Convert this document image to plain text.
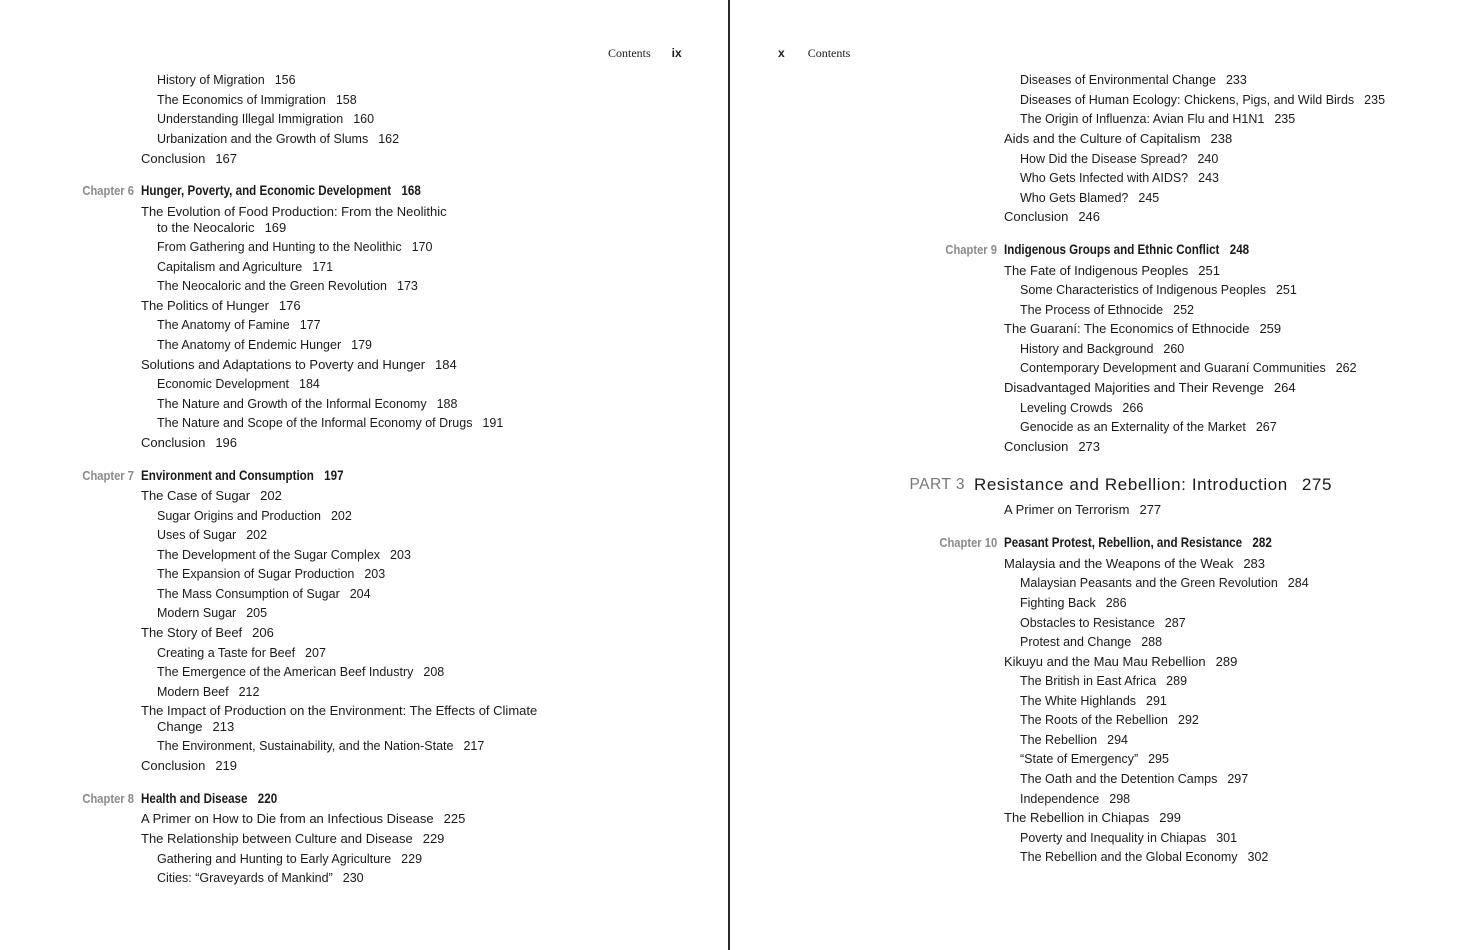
Contents ix	x Contents
History of Migration 156
The Economics of Immigration 158
Understanding Illegal Immigration 160
Urbanization and the Growth of Slums 162
Conclusion 167
Chapter 6 Hunger, Poverty, and Economic Development 168
The Evolution of Food Production: From the Neolithic
to the Neocaloric 169
From Gathering and Hunting to the Neolithic 170
Capitalism and Agriculture 171
The Neocaloric and the Green Revolution 173
The Politics of Hunger 176
The Anatomy of Famine 177
The Anatomy of Endemic Hunger 179
Solutions and Adaptations to Poverty and Hunger 184
Economic Development 184
The Nature and Growth of the Informal Economy 188
The Nature and Scope of the Informal Economy of Drugs 191
Conclusion 196
Chapter 7 Environment and Consumption 197
The Case of Sugar 202
Sugar Origins and Production 202
Uses of Sugar 202
The Development of the Sugar Complex 203
The Expansion of Sugar Production 203
The Mass Consumption of Sugar 204
Modern Sugar 205
The Story of Beef 206
Creating a Taste for Beef 207
The Emergence of the American Beef Industry 208
Modern Beef 212
The Impact of Production on the Environment: The Effects of Climate
Change 213
The Environment, Sustainability, and the Nation-State 217
Conclusion 219
Chapter 8 Health and Disease 220
A Primer on How to Die from an Infectious Disease 225
The Relationship between Culture and Disease 229
Gathering and Hunting to Early Agriculture 229
Cities: “Graveyards of Mankind” 230
Diseases of Environmental Change 233
Diseases of Human Ecology: Chickens, Pigs, and Wild Birds 235
The Origin of Influenza: Avian Flu and H1N1 235
Aids and the Culture of Capitalism 238
How Did the Disease Spread? 240
Who Gets Infected with AIDS? 243
Who Gets Blamed? 245
Conclusion 246
Chapter 9 Indigenous Groups and Ethnic Conflict 248
The Fate of Indigenous Peoples 251
Some Characteristics of Indigenous Peoples 251
The Process of Ethnocide 252
The Guaraní: The Economics of Ethnocide 259
History and Background 260
Contemporary Development and Guaraní Communities 262
Disadvantaged Majorities and Their Revenge 264
Leveling Crowds 266
Genocide as an Externality of the Market 267
Conclusion 273
PART 3 Resistance and Rebellion: Introduction 275
A Primer on Terrorism 277
Chapter 10 Peasant Protest, Rebellion, and Resistance 282
Malaysia and the Weapons of the Weak 283
Malaysian Peasants and the Green Revolution 284
Fighting Back 286
Obstacles to Resistance 287
Protest and Change 288
Kikuyu and the Mau Mau Rebellion 289
The British in East Africa 289
The White Highlands 291
The Roots of the Rebellion 292
The Rebellion 294
“State of Emergency” 295
The Oath and the Detention Camps 297
Independence 298
The Rebellion in Chiapas 299
Poverty and Inequality in Chiapas 301
The Rebellion and the Global Economy 302
